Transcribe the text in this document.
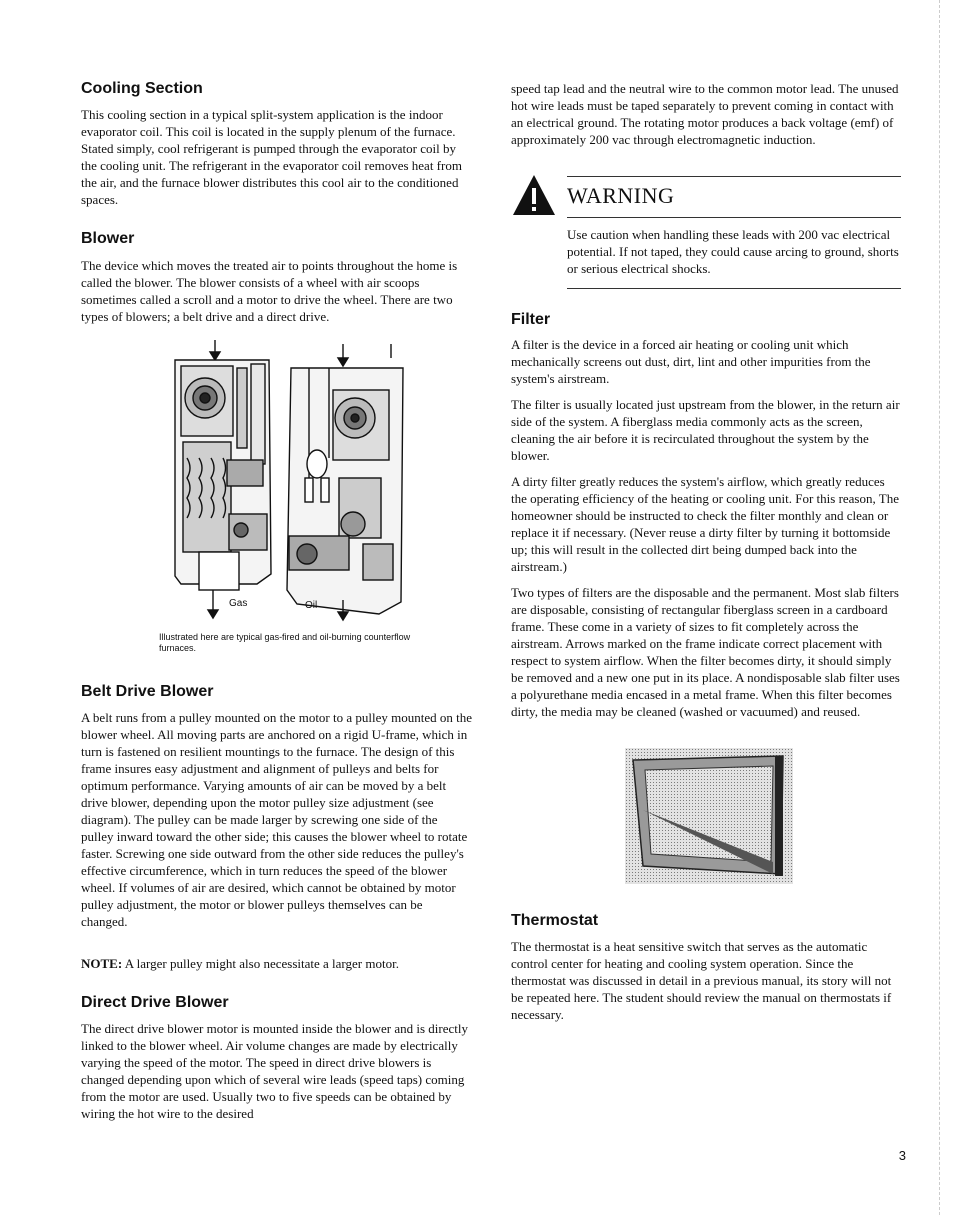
Cooling Section

This cooling section in a typical split-system application is the indoor evaporator coil. This coil is located in the supply plenum of the furnace. Stated simply, cool refrigerant is pumped through the evaporator coil by the cooling unit. The refrigerant in the evaporator coil removes heat from the air, and the furnace blower distributes this cool air to the conditioned spaces.

Blower

The device which moves the treated air to points throughout the home is called the blower. The blower consists of a wheel with air scoops sometimes called a scroll and a motor to drive the wheel. There are two types of blowers; a belt drive and a direct drive.

Gas	Oil
Illustrated here are typical gas-fired and oil-burning counterflow furnaces.
Belt Drive Blower

A belt runs from a pulley mounted on the motor to a pulley mounted on the blower wheel. All moving parts are anchored on a rigid U-frame, which in turn is fastened on resilient mountings to the furnace. The design of this frame insures easy adjustment and alignment of pulleys and belts for optimum performance. Varying amounts of air can be moved by a belt drive blower, depending upon the motor pulley size adjustment (see diagram). The pulley can be made larger by screwing one side of the pulley inward toward the other side; this causes the blower wheel to rotate faster. Screwing one side outward from the other side reduces the pulley's effective circumference, which in turn reduces the speed of the blower wheel. If volumes of air are desired, which cannot be obtained by motor pulley adjustment, the motor or blower pulleys themselves can be changed.

NOTE: A larger pulley might also necessitate a larger motor.

Direct Drive Blower

The direct drive blower motor is mounted inside the blower and is directly linked to the blower wheel. Air volume changes are made by electrically varying the speed of the motor. The speed in direct drive blowers is changed depending upon which of several wire leads (speed taps) coming from the motor are used. Usually two to five speeds can be obtained by wiring the hot wire to the desired

speed tap lead and the neutral wire to the common motor lead. The unused hot wire leads must be taped separately to prevent coming in contact with an electrical ground. The rotating motor produces a back voltage (emf) of approximately 200 vac through electromagnetic induction.

WARNING

Use caution when handling these leads with 200 vac electrical potential. If not taped, they could cause arcing to ground, shorts or serious electrical shocks.

Filter

A filter is the device in a forced air heating or cooling unit which mechanically screens out dust, dirt, lint and other impurities from the system's airstream.

The filter is usually located just upstream from the blower, in the return air side of the system. A fiberglass media commonly acts as the screen, cleaning the air before it is recirculated throughout the system by the blower.

A dirty filter greatly reduces the system's airflow, which greatly reduces the operating efficiency of the heating or cooling unit. For this reason, The homeowner should be instructed to check the filter monthly and clean or replace it if necessary. (Never reuse a dirty filter by turning it bottomside up; this will result in the collected dirt being dumped back into the airstream.)

Two types of filters are the disposable and the permanent. Most slab filters are disposable, consisting of rectangular fiberglass screen in a cardboard frame. These come in a variety of sizes to fit completely across the airstream. Arrows marked on the frame indicate correct placement with respect to system airflow. When the filter becomes dirty, it should simply be removed and a new one put in its place. A nondisposable slab filter uses a polyurethane media encased in a metal frame. When this filter becomes dirty, the media may be cleaned (washed or vacuumed) and reused.

Thermostat

The thermostat is a heat sensitive switch that serves as the automatic control center for heating and cooling system operation. Since the thermostat was discussed in detail in a previous manual, its story will not be repeated here. The student should review the manual on thermostats if necessary.

3
